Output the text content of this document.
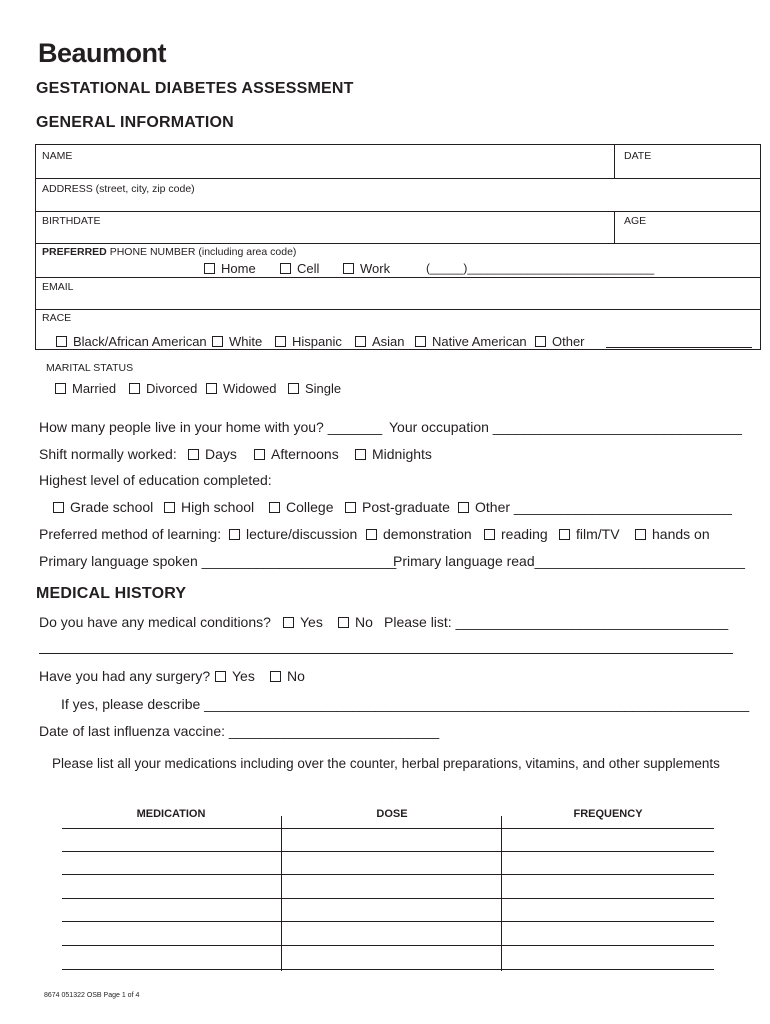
Beaumont
GESTATIONAL DIABETES ASSESSMENT
GENERAL INFORMATION
NAME	DATE
ADDRESS (street, city, zip code)
BIRTHDATE	AGE
PREFERRED PHONE NUMBER (including area code)
Home	Cell	Work	(_____)____________________________
EMAIL
RACE
Black/African American	White	Hispanic	Asian	Native American	Other
MARITAL STATUS
Married	Divorced	Widowed	Single
How many people live in your home with you? _______ Your occupation ________________________________
Shift normally worked:	Days	Afternoons	Midnights
Highest level of education completed:
Grade school	High school	College	Post-graduate	Other ____________________________
Preferred method of learning:	lecture/discussion	demonstration	reading	film/TV	hands on
Primary language spoken _________________________
Primary language read___________________________
MEDICAL HISTORY
Do you have any medical conditions?	Yes	No Please list: ___________________________________
Have you had any surgery?	Yes	No
If yes, please describe ______________________________________________________________________
Date of last influenza vaccine: ___________________________
Please list all your medications including over the counter, herbal preparations, vitamins, and other supplements
MEDICATION	DOSE	FREQUENCY
8674 051322 OSB Page 1 of 4
